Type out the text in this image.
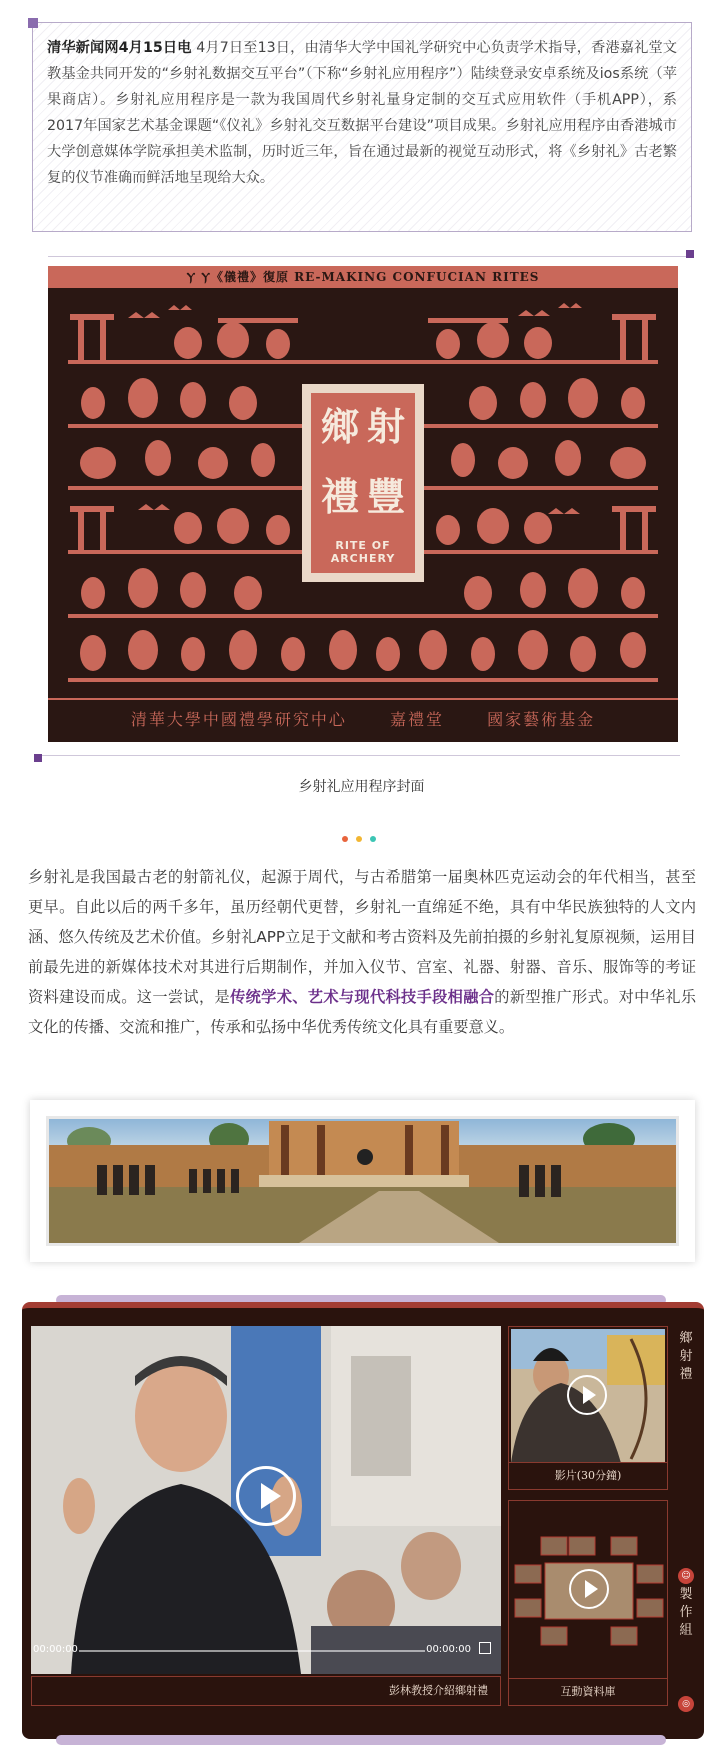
清华新闻网4月15日电 4月7日至13日，由清华大学中国礼学研究中心负责学术指导，香港嘉礼堂文教基金共同开发的“乡射礼数据交互平台”（下称“乡射礼应用程序”）陆续登录安卓系统及ios系统（苹果商店）。乡射礼应用程序是一款为我国周代乡射礼量身定制的交互式应用软件（手机APP），系2017年国家艺术基金课题“《仪礼》乡射礼交互数据平台建设”项目成果。乡射礼应用程序由香港城市大学创意媒体学院承担美术监制，历时近三年，旨在通过最新的视觉互动形式，将《乡射礼》古老繁复的仪节准确而鲜活地呈现给大众。
Ⲩ Ⲩ《儀禮》復原 RE-MAKING CONFUCIAN RITES
鄉 射
禮 豐
RITE OF ARCHERY
清華大學中國禮學研究中心	嘉禮堂	國家藝術基金
乡射礼应用程序封面
乡射礼是我国最古老的射箭礼仪，起源于周代，与古希腊第一届奥林匹克运动会的年代相当，甚至更早。自此以后的两千多年，虽历经朝代更替，乡射礼一直绵延不绝，具有中华民族独特的人文内涵、悠久传统及艺术价值。乡射礼APP立足于文献和考古资料及先前拍摄的乡射礼复原视频，运用目前最先进的新媒体技术对其进行后期制作，并加入仪节、宫室、礼器、射器、音乐、服饰等的考证资料建设而成。这一尝试，是传统学术、艺术与现代科技手段相融合的新型推广形式。对中华礼乐文化的传播、交流和推广，传承和弘扬中华优秀传统文化具有重要意义。
00:00:00	00:00:00
彭林教授介紹鄉射禮
影片(30分鐘)
互動資料庫
鄉
射
禮
☺
製
作
組
◎
